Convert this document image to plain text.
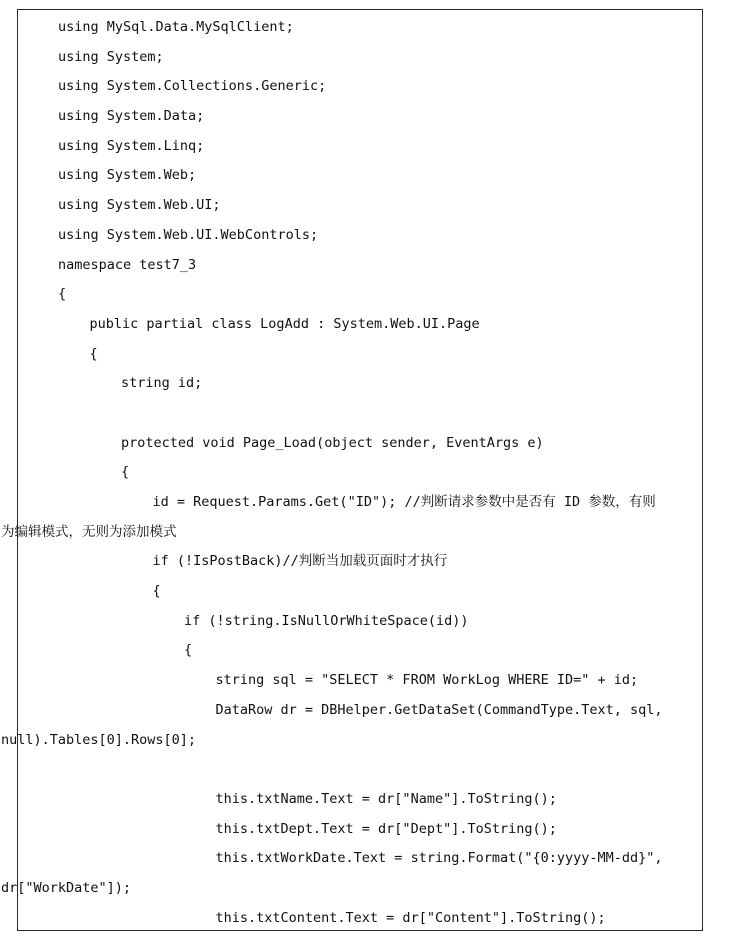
using MySql.Data.MySqlClient;
using System;
using System.Collections.Generic;
using System.Data;
using System.Linq;
using System.Web;
using System.Web.UI;
using System.Web.UI.WebControls;
namespace test7_3
{
public partial class LogAdd : System.Web.UI.Page
{
string id;
protected void Page_Load(object sender, EventArgs e)
{
id = Request.Params.Get("ID"); //判断请求参数中是否有 ID 参数，有则
为编辑模式，无则为添加模式
if (!IsPostBack)//判断当加载页面时才执行
{
if (!string.IsNullOrWhiteSpace(id))
{
string sql = "SELECT * FROM WorkLog WHERE ID=" + id;
DataRow dr = DBHelper.GetDataSet(CommandType.Text, sql,
null).Tables[0].Rows[0];
this.txtName.Text = dr["Name"].ToString();
this.txtDept.Text = dr["Dept"].ToString();
this.txtWorkDate.Text = string.Format("{0:yyyy-MM-dd}",
dr["WorkDate"]);
this.txtContent.Text = dr["Content"].ToString();
